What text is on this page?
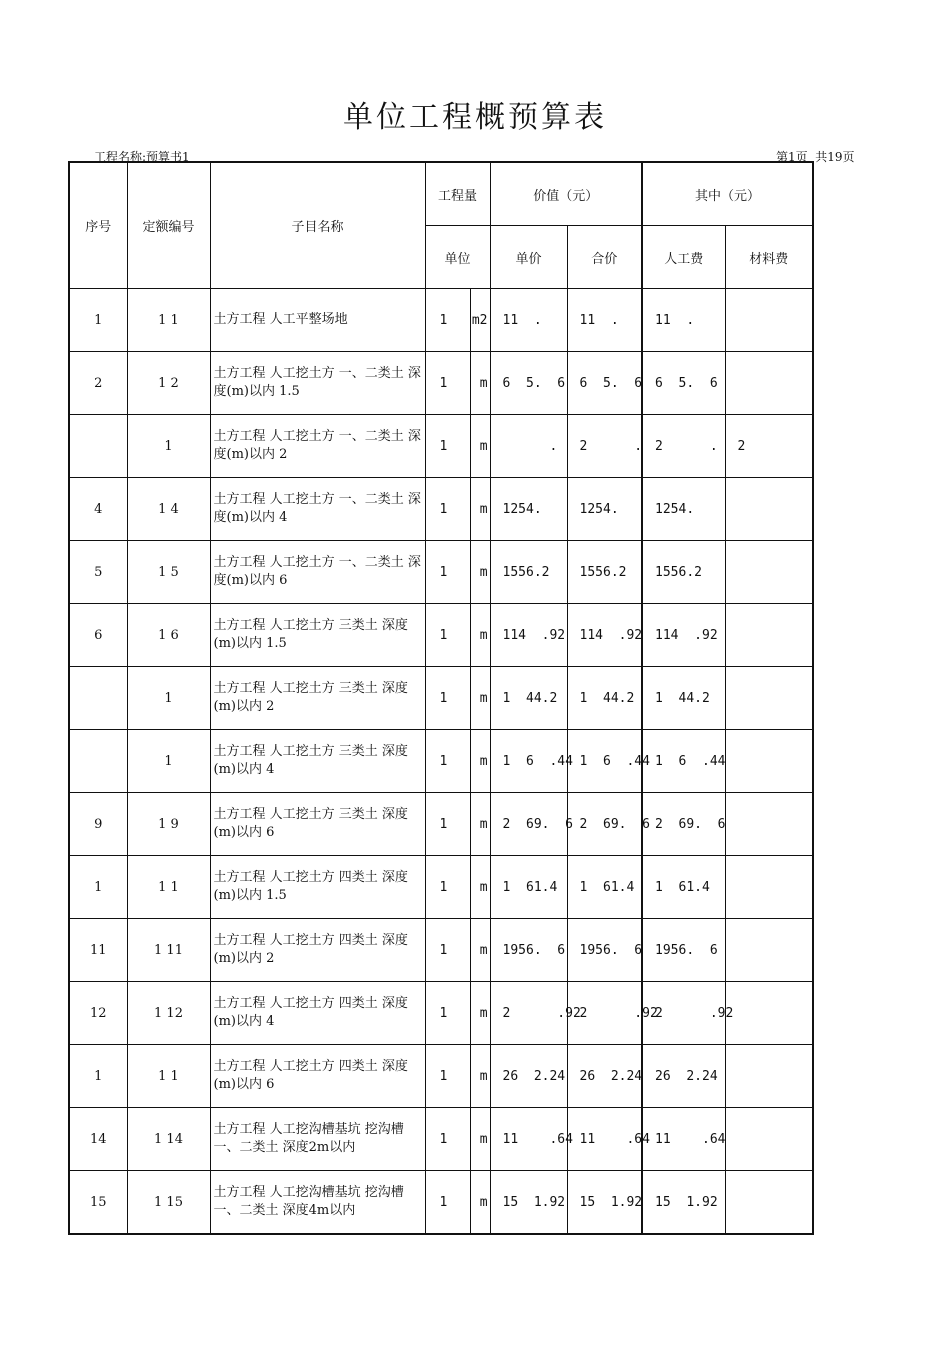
单位工程概预算表
工程名称:预算书1	第1页  共19页
序号	定额编号	子目名称	工程量		价值（元）		其中（元）	
			单位		单价	合价	人工费	材料费
1	1 1	土方工程 人工平整场地	1	m2	11  .	11  .	11  .	
2	1 2	土方工程 人工挖土方 一、二类土 深度(m)以内 1.5	1	m	6  5.  6	6  5.  6	6  5.  6	
	1	土方工程 人工挖土方 一、二类土 深度(m)以内 2	1	m	.	2      .	2      .	2
4	1 4	土方工程 人工挖土方 一、二类土 深度(m)以内 4	1	m	1254.	1254.	1254.	
5	1 5	土方工程 人工挖土方 一、二类土 深度(m)以内 6	1	m	1556.2	1556.2	1556.2	
6	1 6	土方工程 人工挖土方 三类土 深度(m)以内 1.5	1	m	114  .92	114  .92	114  .92	
	1	土方工程 人工挖土方 三类土 深度(m)以内 2	1	m	1  44.2	1  44.2	1  44.2	
	1	土方工程 人工挖土方 三类土 深度(m)以内 4	1	m	1  6  .44	1  6  .44	1  6  .44	
9	1 9	土方工程 人工挖土方 三类土 深度(m)以内 6	1	m	2  69.  6	2  69.  6	2  69.  6	
1	1 1	土方工程 人工挖土方 四类土 深度(m)以内 1.5	1	m	1  61.4	1  61.4	1  61.4	
11	1 11	土方工程 人工挖土方 四类土 深度(m)以内 2	1	m	1956.  6	1956.  6	1956.  6	
12	1 12	土方工程 人工挖土方 四类土 深度(m)以内 4	1	m	2      .92	2      .92	2      .92	
1	1 1	土方工程 人工挖土方 四类土 深度(m)以内 6	1	m	26  2.24	26  2.24	26  2.24	
14	1 14	土方工程 人工挖沟槽基坑 挖沟槽 一、二类土 深度2m以内	1	m	11    .64	11    .64	11    .64	
15	1 15	土方工程 人工挖沟槽基坑 挖沟槽 一、二类土 深度4m以内	1	m	15  1.92	15  1.92	15  1.92	
